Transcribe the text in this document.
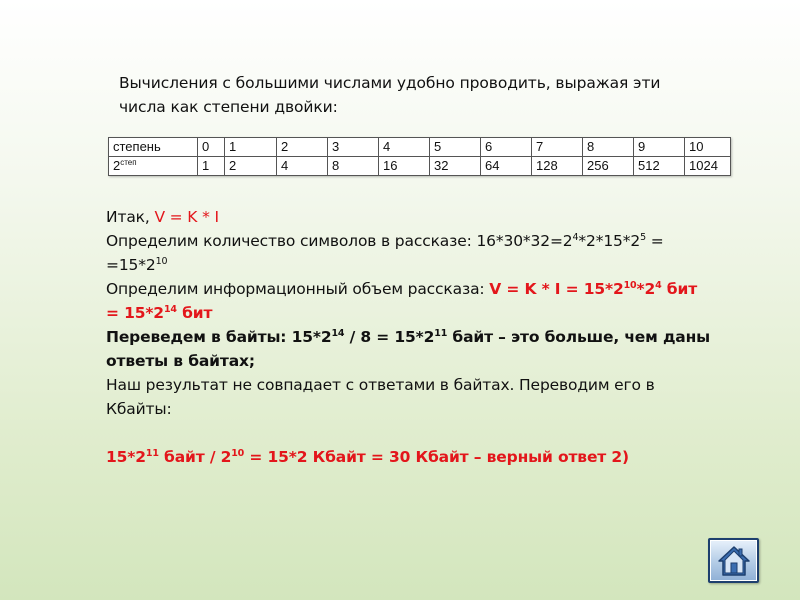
Вычисления с большими числами удобно проводить, выражая эти
числа как степени двойки:
степень	0	1	2	3	4	5	6	7	8	9	10
$2^{степ}$	1	2	4	8	16	32	64	128	256	512	1024

Итак, V = K * I

Определим количество символов в рассказе: $16*30*32=2^4*2*15*2^5$ =

$=15*2^{10}$

Определим информационный объем рассказа: $V = K * I = 15*2^{10}*2^4$ бит

= $15*2^{14}$ бит

Переведем в байты: $15*2^{14} / 8 = 15*2^{11}$ байт – это больше, чем даны

ответы в байтах;

Наш результат не совпадает с ответами в байтах. Переводим его в

Кбайты:

$15*2^{11}$ байт / $2^{10} = 15*2$ Кбайт = 30 Кбайт – верный ответ 2)
